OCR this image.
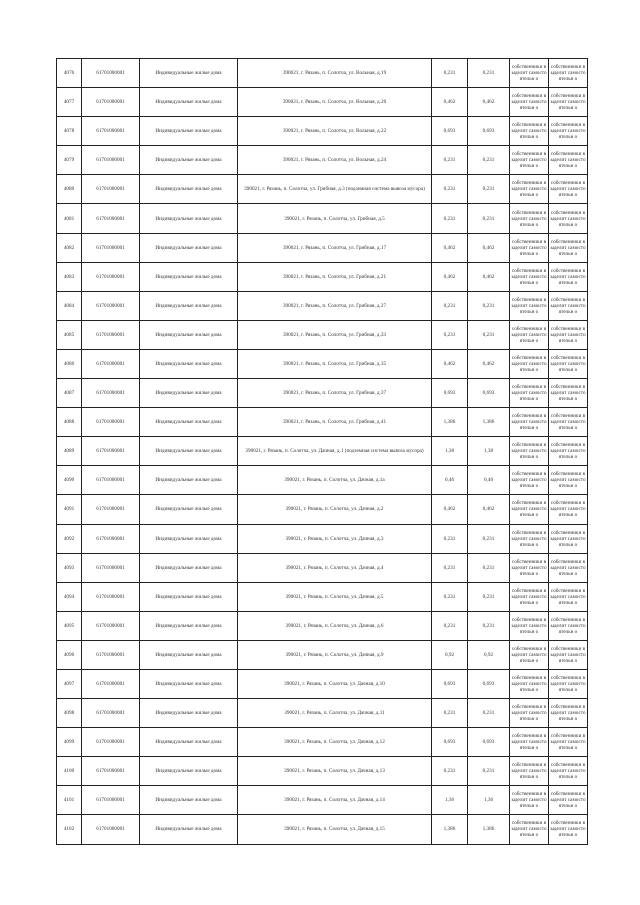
4076	61701000001	Индивидуальные жилые дома	390021, г. Рязань, п. Солотча, ул. Вольная, д.19	0,231	0,231	собственники выделит самостоятельн о	собственники выделит самостоятельн о
4077	61701000001	Индивидуальные жилые дома	390021, г. Рязань, п. Солотча, ул. Вольная, д.20	0,462	0,462	собственники выделит самостоятельн о	собственники выделит самостоятельн о
4078	61701000001	Индивидуальные жилые дома	390021, г. Рязань, п. Солотча, ул. Вольная, д.22	0,693	0,693	собственники выделит самостоятельн о	собственники выделит самостоятельн о
4079	61701000001	Индивидуальные жилые дома	390021, г. Рязань, п. Солотча, ул. Вольная, д.24	0,231	0,231	собственники выделит самостоятельн о	собственники выделит самостоятельн о
4080	61701000001	Индивидуальные жилые дома	390021, г. Рязань, п. Солотча, ул. Грибная, д.3 (подземная система вывоза мусора)	0,231	0,231	собственники выделит самостоятельн о	собственники выделит самостоятельн о
4081	61701000001	Индивидуальные жилые дома	390021, г. Рязань, п. Солотча, ул. Грибная, д.5	0,231	0,231	собственники выделит самостоятельн о	собственники выделит самостоятельн о
4082	61701000001	Индивидуальные жилые дома	390021, г. Рязань, п. Солотча, ул. Грибная, д.17	0,462	0,462	собственники выделит самостоятельн о	собственники выделит самостоятельн о
4083	61701000001	Индивидуальные жилые дома	390021, г. Рязань, п. Солотча, ул. Грибная, д.21	0,462	0,462	собственники выделит самостоятельн о	собственники выделит самостоятельн о
4084	61701000001	Индивидуальные жилые дома	390021, г. Рязань, п. Солотча, ул. Грибная, д.27	0,231	0,231	собственники выделит самостоятельн о	собственники выделит самостоятельн о
4085	61701000001	Индивидуальные жилые дома	390021, г. Рязань, п. Солотча, ул. Грибная, д.33	0,231	0,231	собственники выделит самостоятельн о	собственники выделит самостоятельн о
4086	61701000001	Индивидуальные жилые дома	390021, г. Рязань, п. Солотча, ул. Грибная, д.35	0,462	0,462	собственники выделит самостоятельн о	собственники выделит самостоятельн о
4087	61701000001	Индивидуальные жилые дома	390021, г. Рязань, п. Солотча, ул. Грибная, д.37	0,693	0,693	собственники выделит самостоятельн о	собственники выделит самостоятельн о
4088	61701000001	Индивидуальные жилые дома	390021, г. Рязань, п. Солотча, ул. Грибная, д.41	1,386	1,386	собственники выделит самостоятельн о	собственники выделит самостоятельн о
4089	61701000001	Индивидуальные жилые дома	390021, г. Рязань, п. Солотча, ул. Дачная, д.1 (подземная система вывоза мусора)	1,38	1,38	собственники выделит самостоятельн о	собственники выделит самостоятельн о
4090	61701000001	Индивидуальные жилые дома	390021, г. Рязань, п. Солотча, ул. Дачная, д.1а	0,46	0,46	собственники выделит самостоятельн о	собственники выделит самостоятельн о
4091	61701000001	Индивидуальные жилые дома	390021, г. Рязань, п. Солотча, ул. Дачная, д.2	0,462	0,462	собственники выделит самостоятельн о	собственники выделит самостоятельн о
4092	61701000001	Индивидуальные жилые дома	390021, г. Рязань, п. Солотча, ул. Дачная, д.3	0,231	0,231	собственники выделит самостоятельн о	собственники выделит самостоятельн о
4093	61701000001	Индивидуальные жилые дома	390021, г. Рязань, п. Солотча, ул. Дачная, д.4	0,231	0,231	собственники выделит самостоятельн о	собственники выделит самостоятельн о
4094	61701000001	Индивидуальные жилые дома	390021, г. Рязань, п. Солотча, ул. Дачная, д.5	0,231	0,231	собственники выделит самостоятельн о	собственники выделит самостоятельн о
4095	61701000001	Индивидуальные жилые дома	390021, г. Рязань, п. Солотча, ул. Дачная, д.6	0,231	0,231	собственники выделит самостоятельн о	собственники выделит самостоятельн о
4096	61701000001	Индивидуальные жилые дома	390021, г. Рязань, п. Солотча, ул. Дачная, д.9	0,92	0,92	собственники выделит самостоятельн о	собственники выделит самостоятельн о
4097	61701000001	Индивидуальные жилые дома	390021, г. Рязань, п. Солотча, ул. Дачная, д.10	0,693	0,693	собственники выделит самостоятельн о	собственники выделит самостоятельн о
4098	61701000001	Индивидуальные жилые дома	390021, г. Рязань, п. Солотча, ул. Дачная, д.11	0,231	0,231	собственники выделит самостоятельн о	собственники выделит самостоятельн о
4099	61701000001	Индивидуальные жилые дома	390021, г. Рязань, п. Солотча, ул. Дачная, д.12	0,693	0,693	собственники выделит самостоятельн о	собственники выделит самостоятельн о
4100	61701000001	Индивидуальные жилые дома	390021, г. Рязань, п. Солотча, ул. Дачная, д.13	0,231	0,231	собственники выделит самостоятельн о	собственники выделит самостоятельн о
4101	61701000001	Индивидуальные жилые дома	390021, г. Рязань, п. Солотча, ул. Дачная, д.14	1,36	1,36	собственники выделит самостоятельн о	собственники выделит самостоятельн о
4102	61701000001	Индивидуальные жилые дома	390021, г. Рязань, п. Солотча, ул. Дачная, д.15	1,386	1,386	собственники выделит самостоятельн о	собственники выделит самостоятельн о
